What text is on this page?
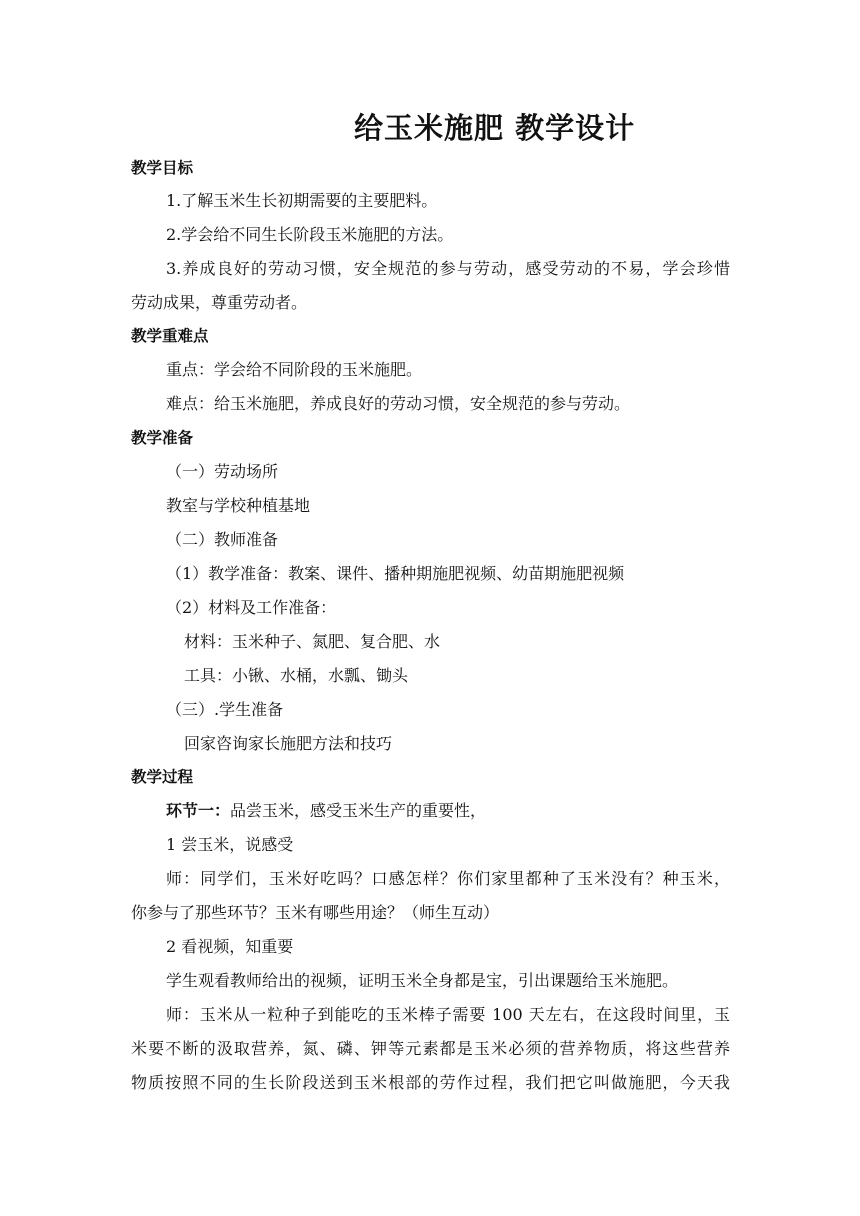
给玉米施肥 教学设计
教学目标
1.了解玉米生长初期需要的主要肥料。
2.学会给不同生长阶段玉米施肥的方法。
3.养成良好的劳动习惯，安全规范的参与劳动，感受劳动的不易，学会珍惜
劳动成果，尊重劳动者。
教学重难点
重点：学会给不同阶段的玉米施肥。
难点：给玉米施肥，养成良好的劳动习惯，安全规范的参与劳动。
教学准备
（一）劳动场所
教室与学校种植基地
（二）教师准备
（1）教学准备：教案、课件、播种期施肥视频、幼苗期施肥视频
（2）材料及工作准备：
材料：玉米种子、氮肥、复合肥、水
工具：小锹、水桶，水瓢、锄头
（三）.学生准备
回家咨询家长施肥方法和技巧
教学过程
环节一：品尝玉米，感受玉米生产的重要性，
1 尝玉米，说感受
师：同学们，玉米好吃吗？口感怎样？你们家里都种了玉米没有？种玉米，
你参与了那些环节？玉米有哪些用途？（师生互动）
2 看视频，知重要
学生观看教师给出的视频，证明玉米全身都是宝，引出课题给玉米施肥。
师：玉米从一粒种子到能吃的玉米棒子需要 100 天左右，在这段时间里，玉
米要不断的汲取营养，氮、磷、钾等元素都是玉米必须的营养物质，将这些营养
物质按照不同的生长阶段送到玉米根部的劳作过程，我们把它叫做施肥，今天我
